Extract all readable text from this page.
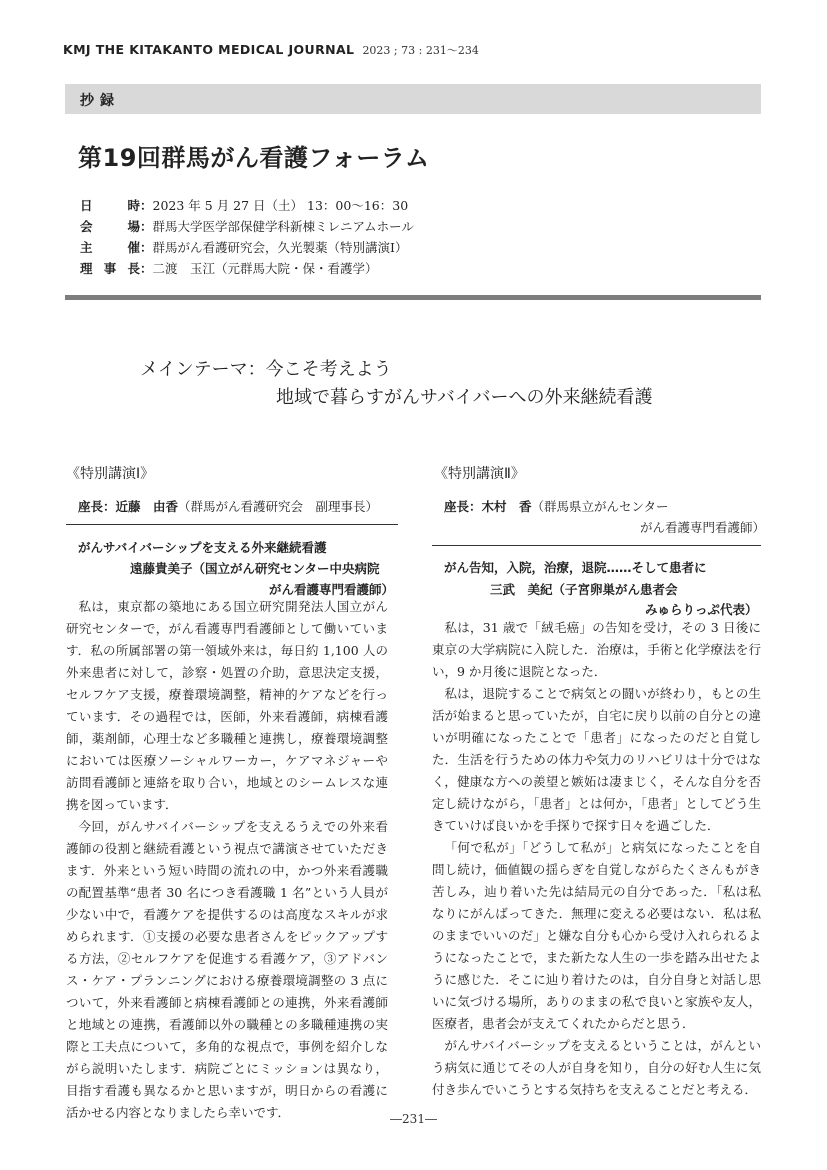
KMJ THE KITAKANTO MEDICAL JOURNAL 2023 ; 73 : 231～234
抄録
第19回群馬がん看護フォーラム
日時：2023 年 5 月 27 日（土） 13：00～16：30
会場：群馬大学医学部保健学科新棟ミレニアムホール
主催：群馬がん看護研究会，久光製薬（特別講演Ⅰ）
理事長：二渡　玉江（元群馬大院・保・看護学）
メインテーマ：今こそ考えよう
地域で暮らすがんサバイバーへの外来継続看護
《特別講演Ⅰ》
座長：近藤　由香（群馬がん看護研究会　副理事長）
がんサバイバーシップを支える外来継続看護
遠藤貴美子（国立がん研究センター中央病院
がん看護専門看護師）

私は，東京都の築地にある国立研究開発法人国立がん研究センターで，がん看護専門看護師として働いています．私の所属部署の第一領域外来は，毎日約 1,100 人の外来患者に対して，診察・処置の介助，意思決定支援，セルフケア支援，療養環境調整，精神的ケアなどを行っています．その過程では，医師，外来看護師，病棟看護師，薬剤師，心理士など多職種と連携し，療養環境調整においては医療ソーシャルワーカー，ケアマネジャーや訪問看護師と連絡を取り合い，地域とのシームレスな連携を図っています．

今回，がんサバイバーシップを支えるうえでの外来看護師の役割と継続看護という視点で講演させていただきます．外来という短い時間の流れの中，かつ外来看護職の配置基準“患者 30 名につき看護職 1 名”という人員が少ない中で，看護ケアを提供するのは高度なスキルが求められます．①支援の必要な患者さんをピックアップする方法，②セルフケアを促進する看護ケア，③アドバンス・ケア・プランニングにおける療養環境調整の 3 点について，外来看護師と病棟看護師との連携，外来看護師と地域との連携，看護師以外の職種との多職種連携の実際と工夫点について，多角的な視点で，事例を紹介しながら説明いたします．病院ごとにミッションは異なり，目指す看護も異なるかと思いますが，明日からの看護に活かせる内容となりましたら幸いです．

《特別講演Ⅱ》
座長：木村　香（群馬県立がんセンター
がん看護専門看護師）
がん告知，入院，治療，退院……そして患者に
三武　美紀（子宮卵巣がん患者会
みゅらりっぷ代表）

私は，31 歳で「絨毛癌」の告知を受け，その 3 日後に東京の大学病院に入院した．治療は，手術と化学療法を行い，9 か月後に退院となった．

私は，退院することで病気との闘いが終わり，もとの生活が始まると思っていたが，自宅に戻り以前の自分との違いが明確になったことで「患者」になったのだと自覚した．生活を行うための体力や気力のリハビリは十分ではなく，健康な方への羨望と嫉妬は凄まじく，そんな自分を否定し続けながら，「患者」とは何か，「患者」としてどう生きていけば良いかを手探りで探す日々を過ごした．

「何で私が」「どうして私が」と病気になったことを自問し続け，価値観の揺らぎを自覚しながらたくさんもがき苦しみ，辿り着いた先は結局元の自分であった．「私は私なりにがんばってきた．無理に変える必要はない．私は私のままでいいのだ」と嫌な自分も心から受け入れられるようになったことで，また新たな人生の一歩を踏み出せたように感じた．そこに辿り着けたのは，自分自身と対話し思いに気づける場所，ありのままの私で良いと家族や友人，医療者，患者会が支えてくれたからだと思う．

がんサバイバーシップを支えるということは，がんという病気に通じてその人が自身を知り，自分の好む人生に気付き歩んでいこうとする気持ちを支えることだと考える．

―231―
